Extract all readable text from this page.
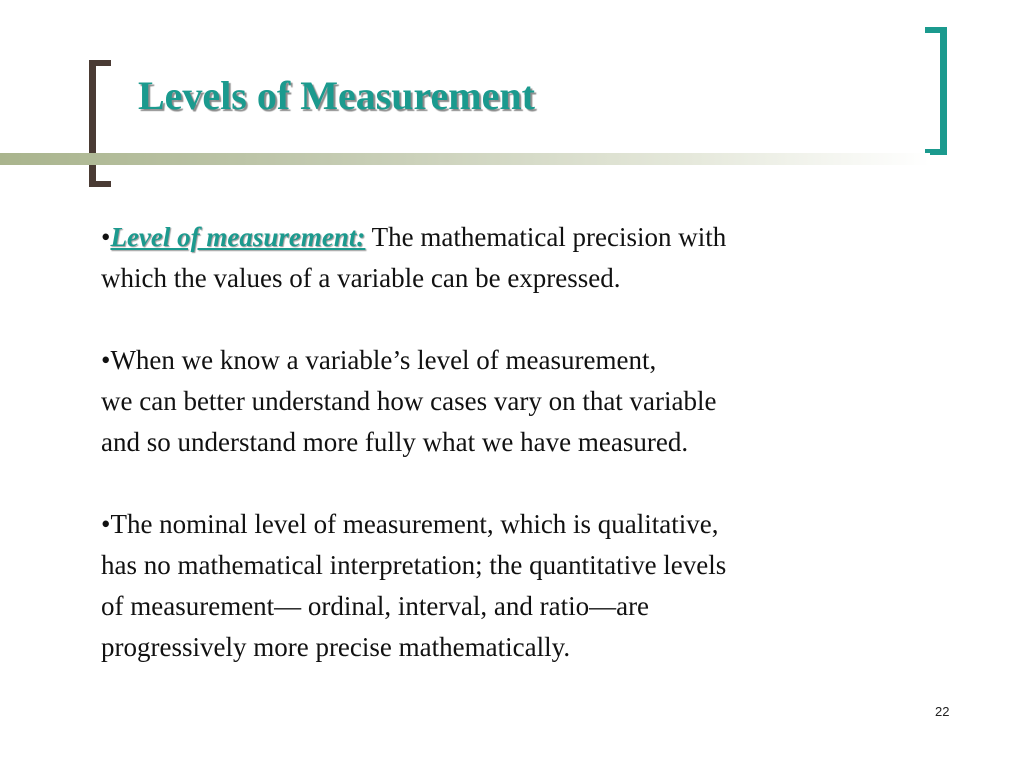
Levels of Measurement

•Level of measurement: The mathematical precision with
which the values of a variable can be expressed.

•When we know a variable’s level of measurement,
we can better understand how cases vary on that variable
and so understand more fully what we have measured.

•The nominal level of measurement, which is qualitative,
has no mathematical interpretation; the quantitative levels
of measurement— ordinal, interval, and ratio—are
progressively more precise mathematically.

22
